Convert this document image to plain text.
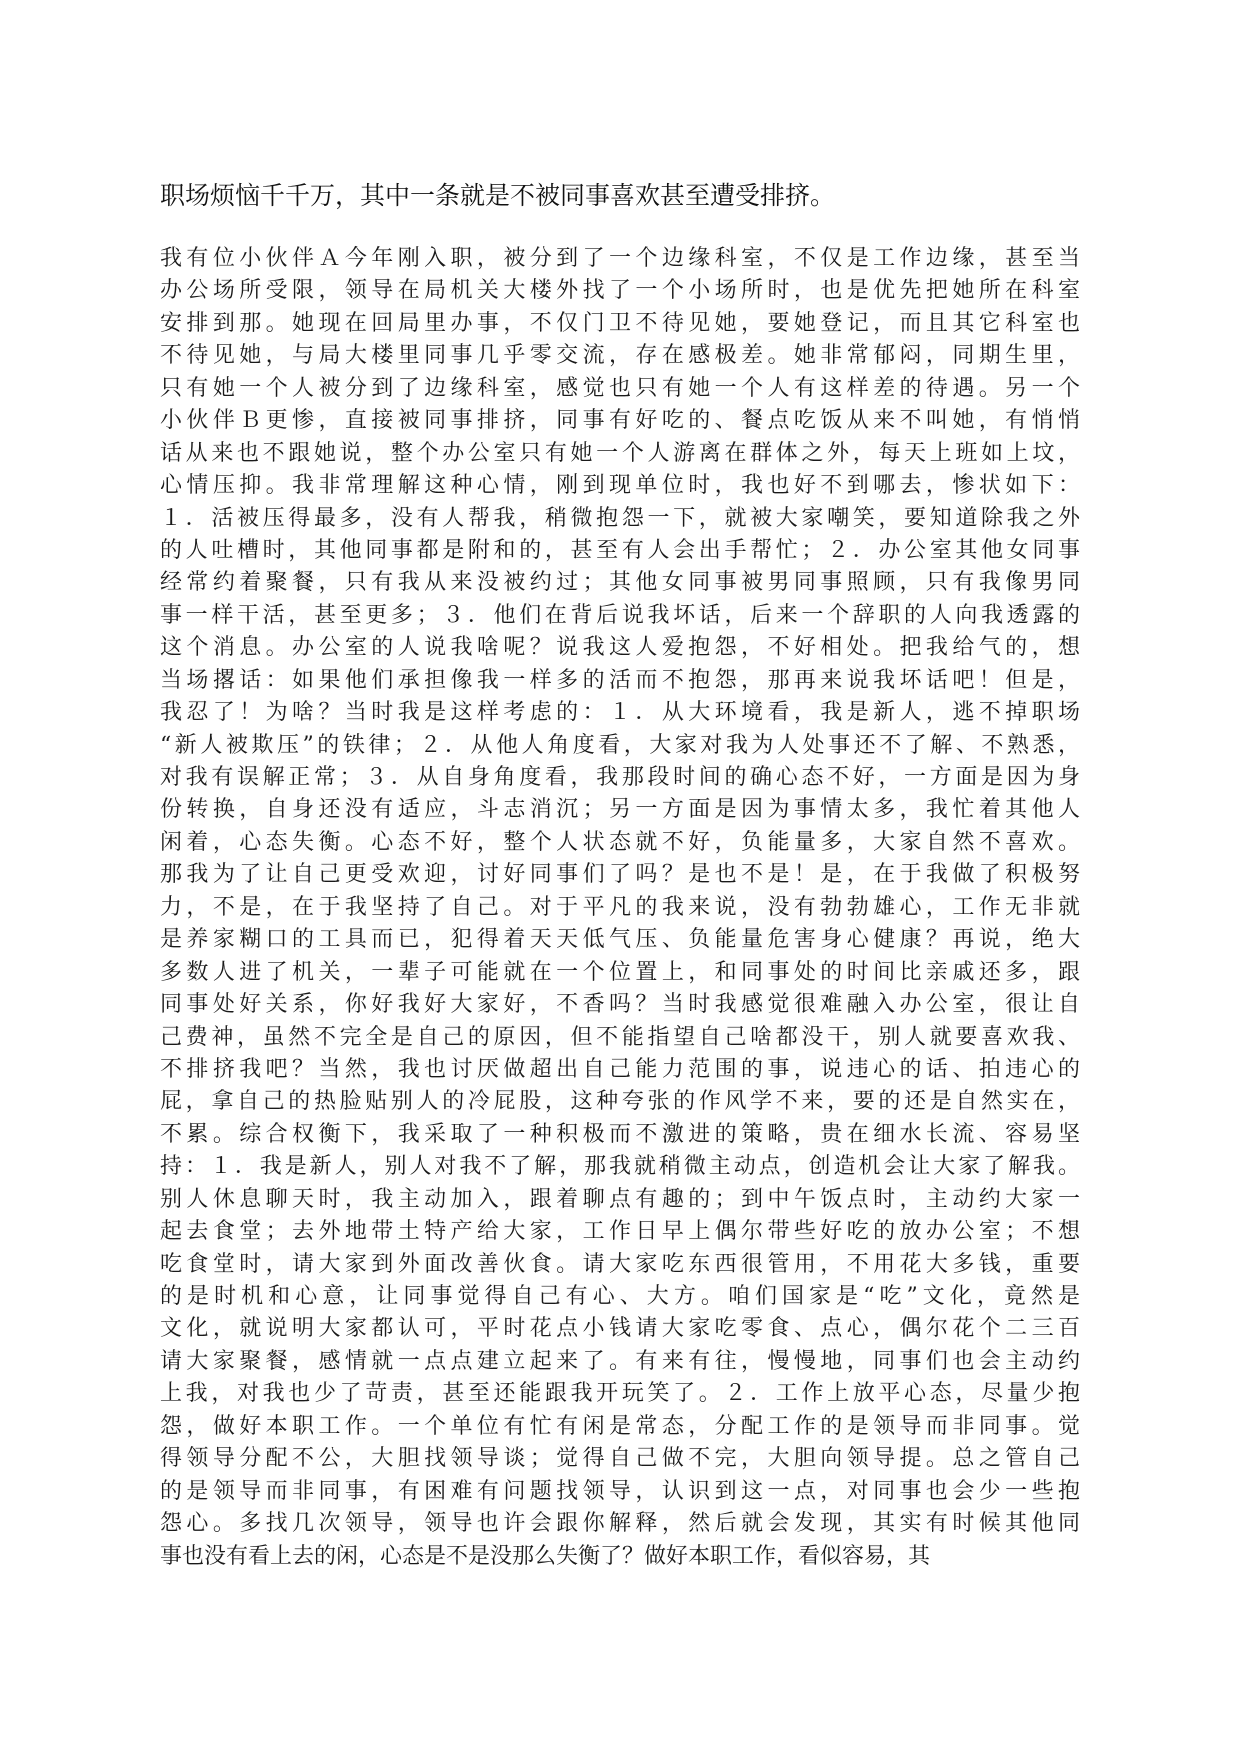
职场烦恼千千万，其中一条就是不被同事喜欢甚至遭受排挤。
我有位小伙伴Ａ今年刚入职，被分到了一个边缘科室，不仅是工作边缘，甚至当
办公场所受限，领导在局机关大楼外找了一个小场所时，也是优先把她所在科室
安排到那。她现在回局里办事，不仅门卫不待见她，要她登记，而且其它科室也
不待见她，与局大楼里同事几乎零交流，存在感极差。她非常郁闷，同期生里，
只有她一个人被分到了边缘科室，感觉也只有她一个人有这样差的待遇。另一个
小伙伴Ｂ更惨，直接被同事排挤，同事有好吃的、餐点吃饭从来不叫她，有悄悄
话从来也不跟她说，整个办公室只有她一个人游离在群体之外，每天上班如上坟，
心情压抑。我非常理解这种心情，刚到现单位时，我也好不到哪去，惨状如下：
１．活被压得最多，没有人帮我，稍微抱怨一下，就被大家嘲笑，要知道除我之外
的人吐槽时，其他同事都是附和的，甚至有人会出手帮忙；２．办公室其他女同事
经常约着聚餐，只有我从来没被约过；其他女同事被男同事照顾，只有我像男同
事一样干活，甚至更多；３．他们在背后说我坏话，后来一个辞职的人向我透露的
这个消息。办公室的人说我啥呢？说我这人爱抱怨，不好相处。把我给气的，想
当场撂话：如果他们承担像我一样多的活而不抱怨，那再来说我坏话吧！但是，
我忍了！为啥？当时我是这样考虑的：１．从大环境看，我是新人，逃不掉职场
“新人被欺压”的铁律；２．从他人角度看，大家对我为人处事还不了解、不熟悉，
对我有误解正常；３．从自身角度看，我那段时间的确心态不好，一方面是因为身
份转换，自身还没有适应，斗志消沉；另一方面是因为事情太多，我忙着其他人
闲着，心态失衡。心态不好，整个人状态就不好，负能量多，大家自然不喜欢。
那我为了让自己更受欢迎，讨好同事们了吗？是也不是！是，在于我做了积极努
力，不是，在于我坚持了自己。对于平凡的我来说，没有勃勃雄心，工作无非就
是养家糊口的工具而已，犯得着天天低气压、负能量危害身心健康？再说，绝大
多数人进了机关，一辈子可能就在一个位置上，和同事处的时间比亲戚还多，跟
同事处好关系，你好我好大家好，不香吗？当时我感觉很难融入办公室，很让自
己费神，虽然不完全是自己的原因，但不能指望自己啥都没干，别人就要喜欢我、
不排挤我吧？当然，我也讨厌做超出自己能力范围的事，说违心的话、拍违心的
屁，拿自己的热脸贴别人的冷屁股，这种夸张的作风学不来，要的还是自然实在，
不累。综合权衡下，我采取了一种积极而不激进的策略，贵在细水长流、容易坚
持：１．我是新人，别人对我不了解，那我就稍微主动点，创造机会让大家了解我。
别人休息聊天时，我主动加入，跟着聊点有趣的；到中午饭点时，主动约大家一
起去食堂；去外地带土特产给大家，工作日早上偶尔带些好吃的放办公室；不想
吃食堂时，请大家到外面改善伙食。请大家吃东西很管用，不用花大多钱，重要
的是时机和心意，让同事觉得自己有心、大方。咱们国家是“吃”文化，竟然是
文化，就说明大家都认可，平时花点小钱请大家吃零食、点心，偶尔花个二三百
请大家聚餐，感情就一点点建立起来了。有来有往，慢慢地，同事们也会主动约
上我，对我也少了苛责，甚至还能跟我开玩笑了。２．工作上放平心态，尽量少抱
怨，做好本职工作。一个单位有忙有闲是常态，分配工作的是领导而非同事。觉
得领导分配不公，大胆找领导谈；觉得自己做不完，大胆向领导提。总之管自己
的是领导而非同事，有困难有问题找领导，认识到这一点，对同事也会少一些抱
怨心。多找几次领导，领导也许会跟你解释，然后就会发现，其实有时候其他同
事也没有看上去的闲，心态是不是没那么失衡了？做好本职工作，看似容易，其
